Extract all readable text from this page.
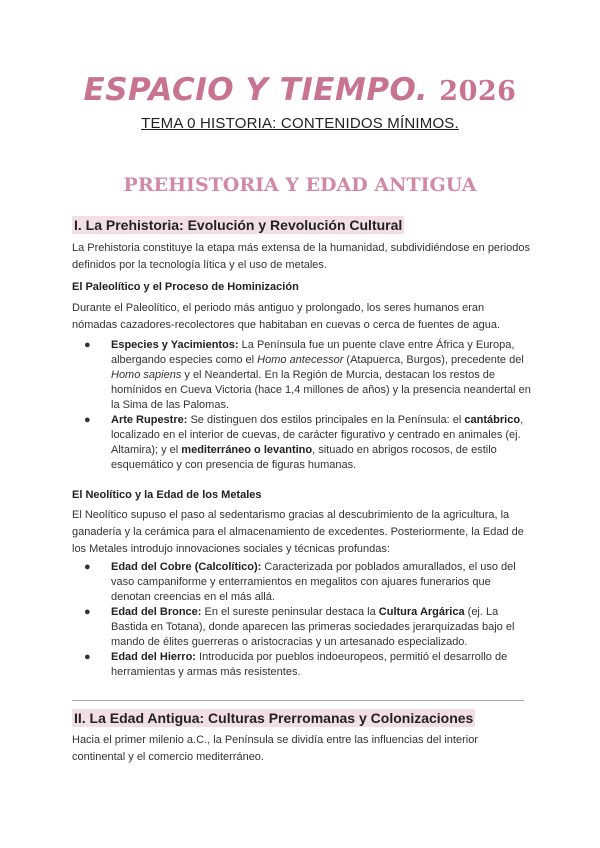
ESPACIO Y TIEMPO. 2026
TEMA 0 HISTORIA: CONTENIDOS MÍNIMOS.
PREHISTORIA Y EDAD ANTIGUA
I. La Prehistoria: Evolución y Revolución Cultural
La Prehistoria constituye la etapa más extensa de la humanidad, subdividiéndose en periodos definidos por la tecnología lítica y el uso de metales.
El Paleolítico y el Proceso de Hominización
Durante el Paleolítico, el periodo más antiguo y prolongado, los seres humanos eran nómadas cazadores-recolectores que habitaban en cuevas o cerca de fuentes de agua.
● Especies y Yacimientos: La Península fue un puente clave entre África y Europa, albergando especies como el Homo antecessor (Atapuerca, Burgos), precedente del Homo sapiens y el Neandertal. En la Región de Murcia, destacan los restos de homínidos en Cueva Victoria (hace 1,4 millones de años) y la presencia neandertal en la Sima de las Palomas.
● Arte Rupestre: Se distinguen dos estilos principales en la Península: el cantábrico, localizado en el interior de cuevas, de carácter figurativo y centrado en animales (ej. Altamira); y el mediterráneo o levantino, situado en abrigos rocosos, de estilo esquemático y con presencia de figuras humanas.
El Neolítico y la Edad de los Metales
El Neolítico supuso el paso al sedentarismo gracias al descubrimiento de la agricultura, la ganadería y la cerámica para el almacenamiento de excedentes. Posteriormente, la Edad de los Metales introdujo innovaciones sociales y técnicas profundas:
● Edad del Cobre (Calcolítico): Caracterizada por poblados amurallados, el uso del vaso campaniforme y enterramientos en megalitos con ajuares funerarios que denotan creencias en el más allá.
● Edad del Bronce: En el sureste peninsular destaca la Cultura Argárica (ej. La Bastida en Totana), donde aparecen las primeras sociedades jerarquizadas bajo el mando de élites guerreras o aristocracias y un artesanado especializado.
● Edad del Hierro: Introducida por pueblos indoeuropeos, permitió el desarrollo de herramientas y armas más resistentes.
II. La Edad Antigua: Culturas Prerromanas y Colonizaciones
Hacia el primer milenio a.C., la Península se dividía entre las influencias del interior continental y el comercio mediterráneo.
